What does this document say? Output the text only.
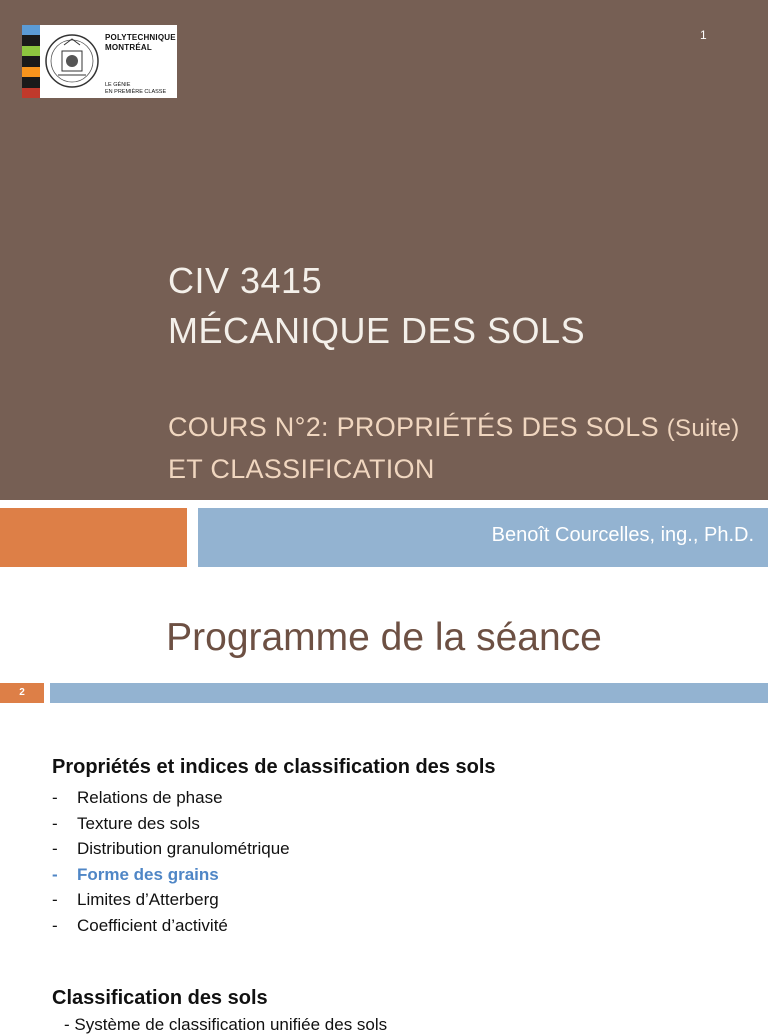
POLYTECHNIQUE
MONTRÉAL
LE GÉNIE
EN PREMIÈRE CLASSE
1
CIV 3415
MÉCANIQUE DES SOLS
COURS N°2: PROPRIÉTÉS DES SOLS (Suite)
ET CLASSIFICATION
Benoît Courcelles, ing., Ph.D.
Programme de la séance
2
Propriétés et indices de classification des sols
- Relations de phase
- Texture des sols
- Distribution granulométrique
- Forme des grains
- Limites d’Atterberg
- Coefficient d’activité
Classification des sols
- Système de classification unifiée des sols
